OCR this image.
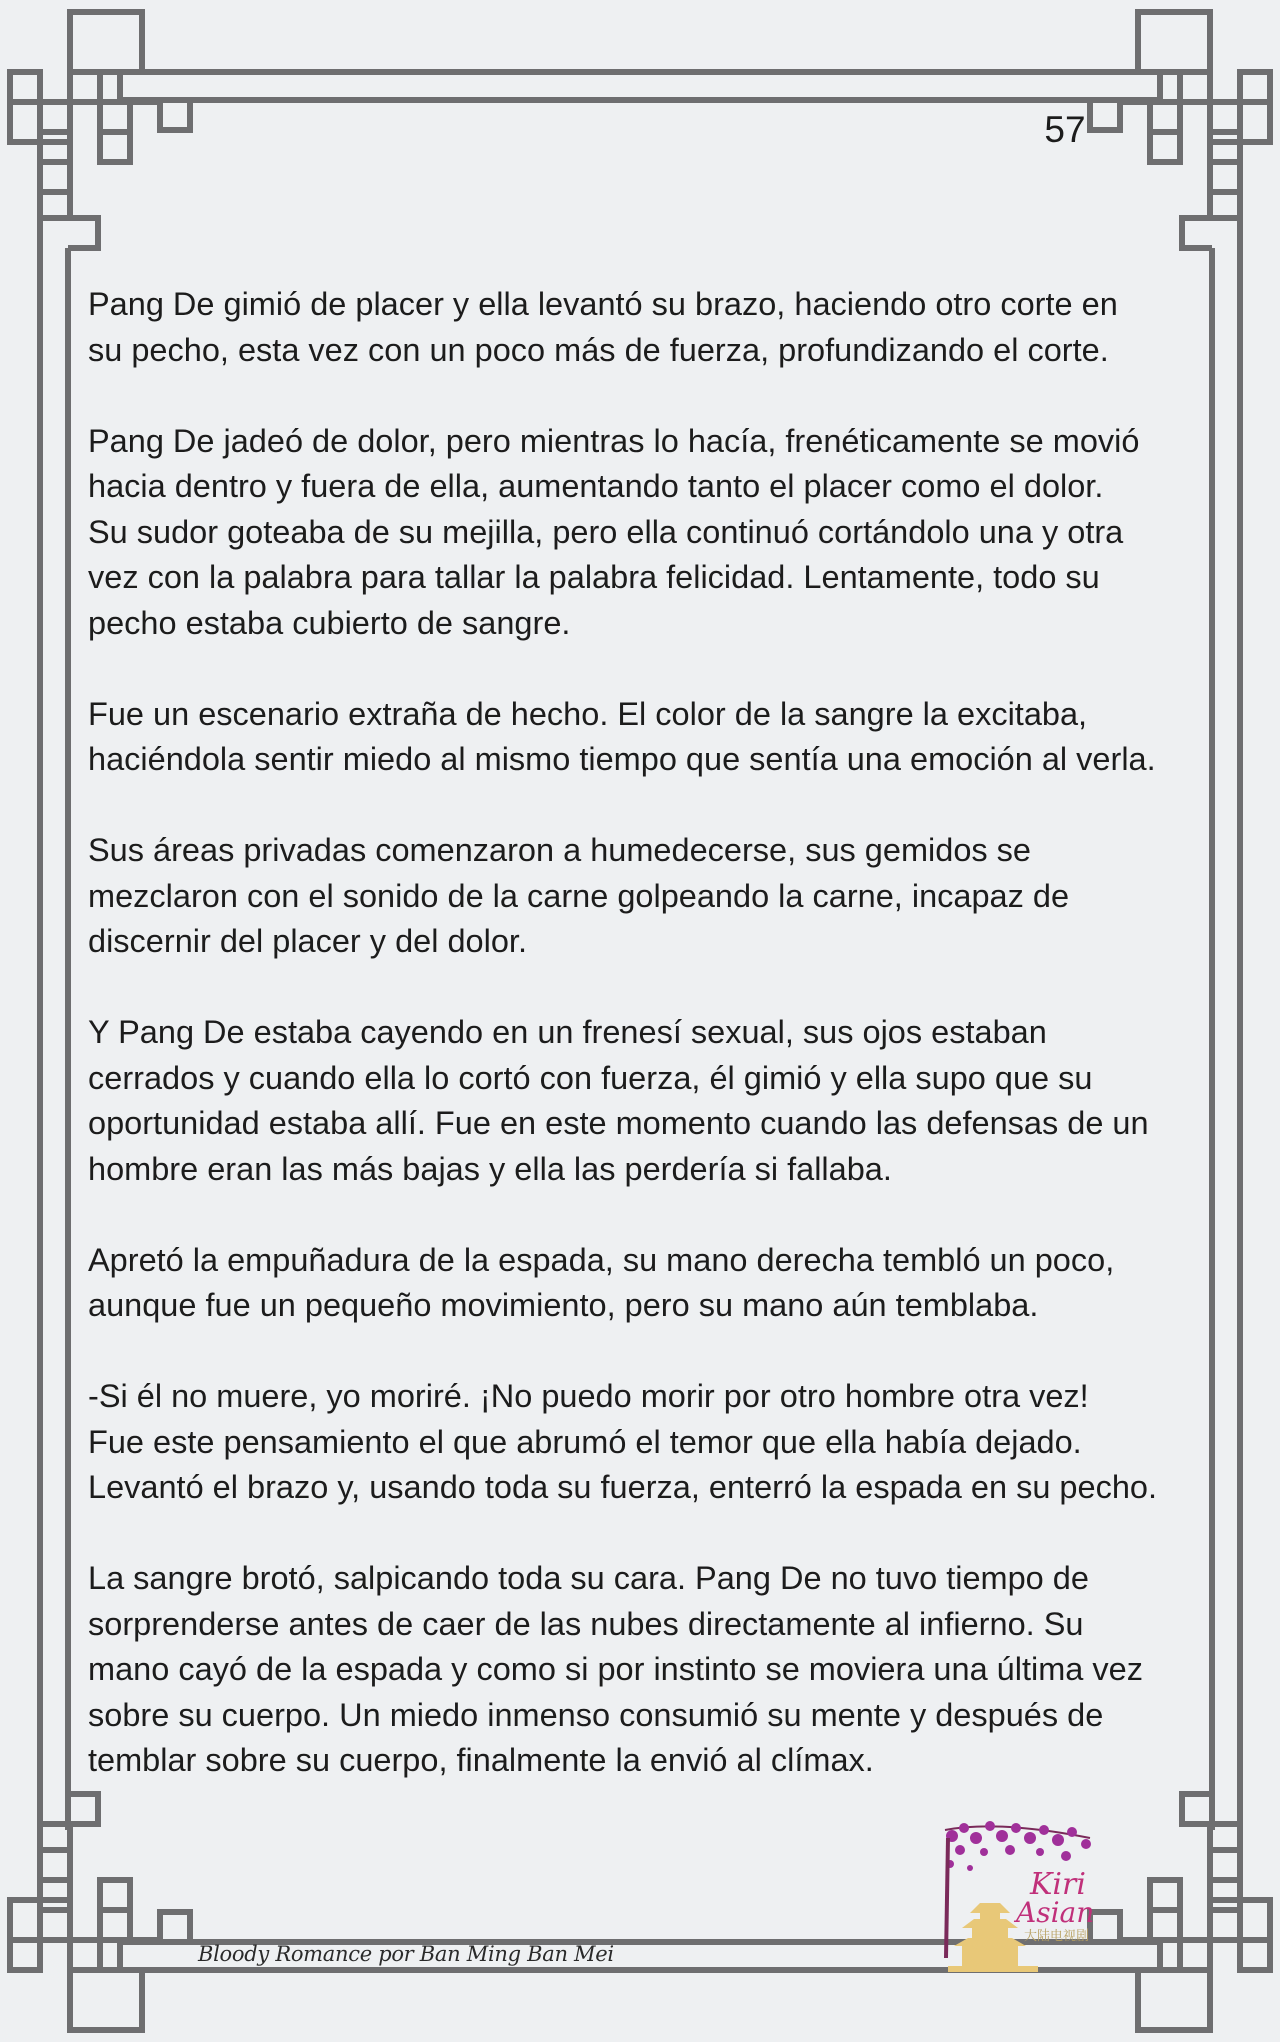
57

Pang De gimió de placer y ella levantó su brazo, haciendo otro corte en
su pecho, esta vez con un poco más de fuerza, profundizando el corte.

Pang De jadeó de dolor, pero mientras lo hacía, frenéticamente se movió
hacia dentro y fuera de ella, aumentando tanto el placer como el dolor.
Su sudor goteaba de su mejilla, pero ella continuó cortándolo una y otra
vez con la palabra para tallar la palabra felicidad. Lentamente, todo su
pecho estaba cubierto de sangre.

Fue un escenario extraña de hecho. El color de la sangre la excitaba,
haciéndola sentir miedo al mismo tiempo que sentía una emoción al verla.

Sus áreas privadas comenzaron a humedecerse, sus gemidos se
mezclaron con el sonido de la carne golpeando la carne, incapaz de
discernir del placer y del dolor.

Y Pang De estaba cayendo en un frenesí sexual, sus ojos estaban
cerrados y cuando ella lo cortó con fuerza, él gimió y ella supo que su
oportunidad estaba allí. Fue en este momento cuando las defensas de un
hombre eran las más bajas y ella las perdería si fallaba.

Apretó la empuñadura de la espada, su mano derecha tembló un poco,
aunque fue un pequeño movimiento, pero su mano aún temblaba.

-Si él no muere, yo moriré. ¡No puedo morir por otro hombre otra vez!
Fue este pensamiento el que abrumó el temor que ella había dejado.
Levantó el brazo y, usando toda su fuerza, enterró la espada en su pecho.

La sangre brotó, salpicando toda su cara. Pang De no tuvo tiempo de
sorprenderse antes de caer de las nubes directamente al infierno. Su
mano cayó de la espada y como si por instinto se moviera una última vez
sobre su cuerpo. Un miedo inmenso consumió su mente y después de
temblar sobre su cuerpo, finalmente la envió al clímax.

Bloody Romance por Ban Ming Ban Mei
Kiri
Asian
大陆电视剧
